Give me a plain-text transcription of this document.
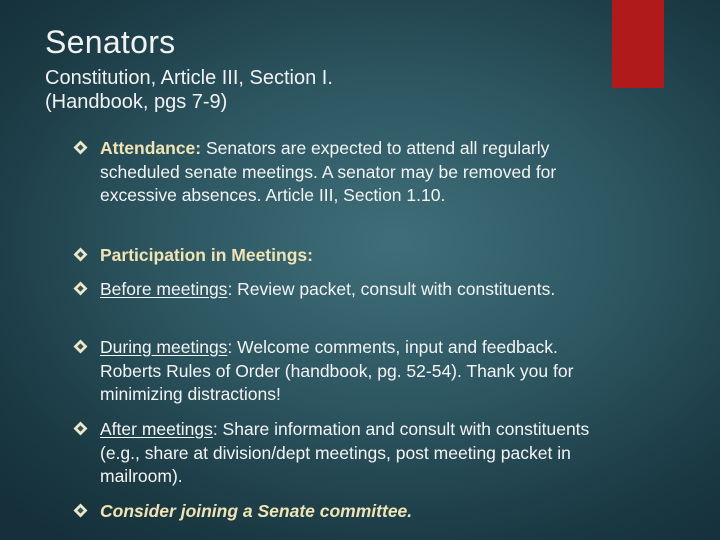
Senators
Constitution, Article III, Section I.
(Handbook, pgs 7-9)
Attendance: Senators are expected to attend all regularly scheduled senate meetings. A senator may be removed for excessive absences. Article III, Section 1.10.
Participation in Meetings:
Before meetings: Review packet, consult with constituents.
During meetings: Welcome comments, input and feedback. Roberts Rules of Order (handbook, pg. 52-54). Thank you for minimizing distractions!
After meetings: Share information and consult with constituents (e.g., share at division/dept meetings, post meeting packet in mailroom).
Consider joining a Senate committee.
